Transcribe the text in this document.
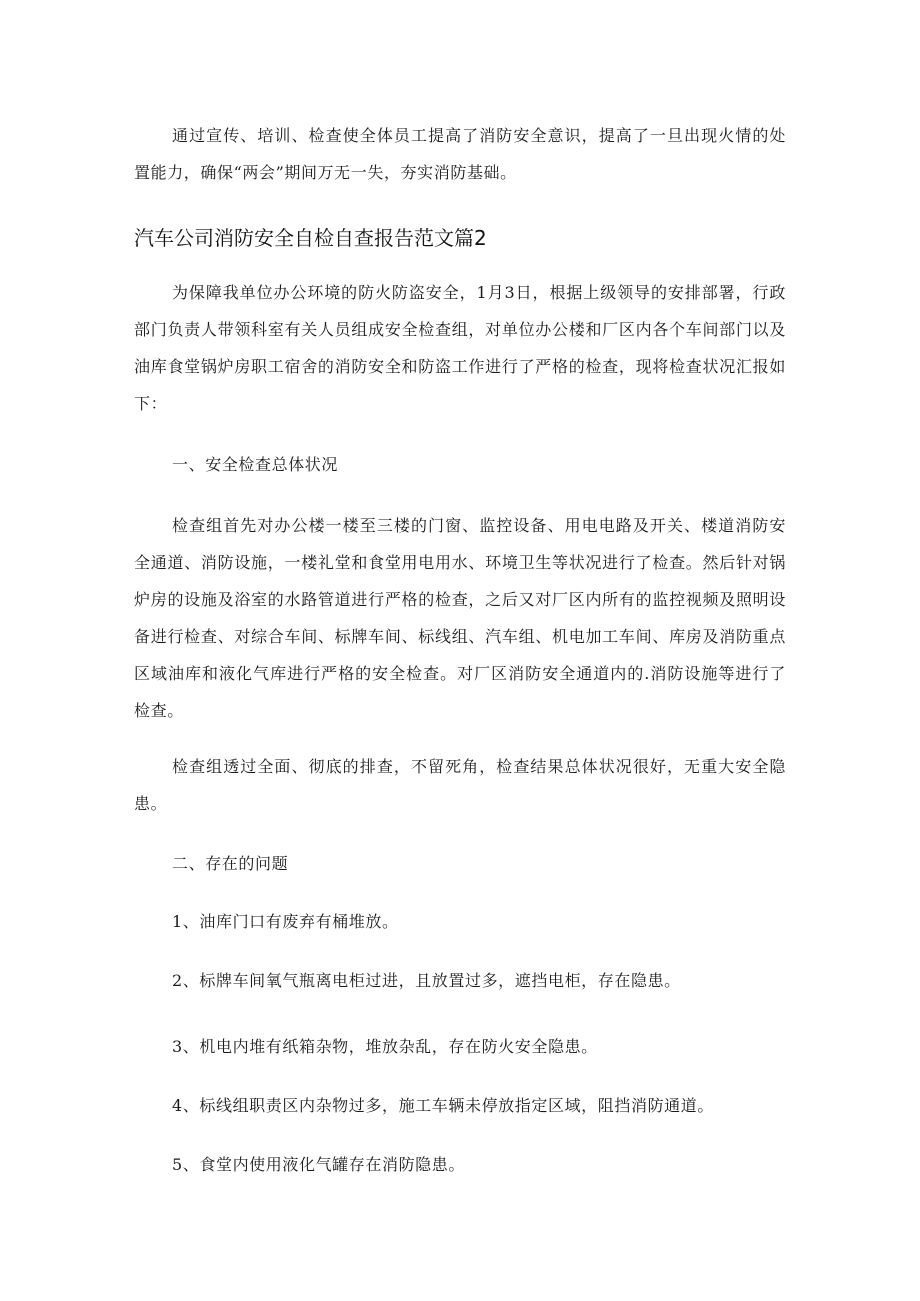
通过宣传、培训、检查使全体员工提高了消防安全意识，提高了一旦出现火情的处置能力，确保“两会”期间万无一失，夯实消防基础。

汽车公司消防安全自检自查报告范文篇2

为保障我单位办公环境的防火防盗安全，1月3日，根据上级领导的安排部署，行政部门负责人带领科室有关人员组成安全检查组，对单位办公楼和厂区内各个车间部门以及油库食堂锅炉房职工宿舍的消防安全和防盗工作进行了严格的检查，现将检查状况汇报如下：

一、安全检查总体状况

检查组首先对办公楼一楼至三楼的门窗、监控设备、用电电路及开关、楼道消防安全通道、消防设施，一楼礼堂和食堂用电用水、环境卫生等状况进行了检查。然后针对锅炉房的设施及浴室的水路管道进行严格的检查，之后又对厂区内所有的监控视频及照明设备进行检查、对综合车间、标牌车间、标线组、汽车组、机电加工车间、库房及消防重点区域油库和液化气库进行严格的安全检查。对厂区消防安全通道内的.消防设施等进行了检查。

检查组透过全面、彻底的排查，不留死角，检查结果总体状况很好，无重大安全隐患。

二、存在的问题

1、油库门口有废弃有桶堆放。

2、标牌车间氧气瓶离电柜过进，且放置过多，遮挡电柜，存在隐患。

3、机电内堆有纸箱杂物，堆放杂乱，存在防火安全隐患。

4、标线组职责区内杂物过多，施工车辆未停放指定区域，阻挡消防通道。

5、食堂内使用液化气罐存在消防隐患。
